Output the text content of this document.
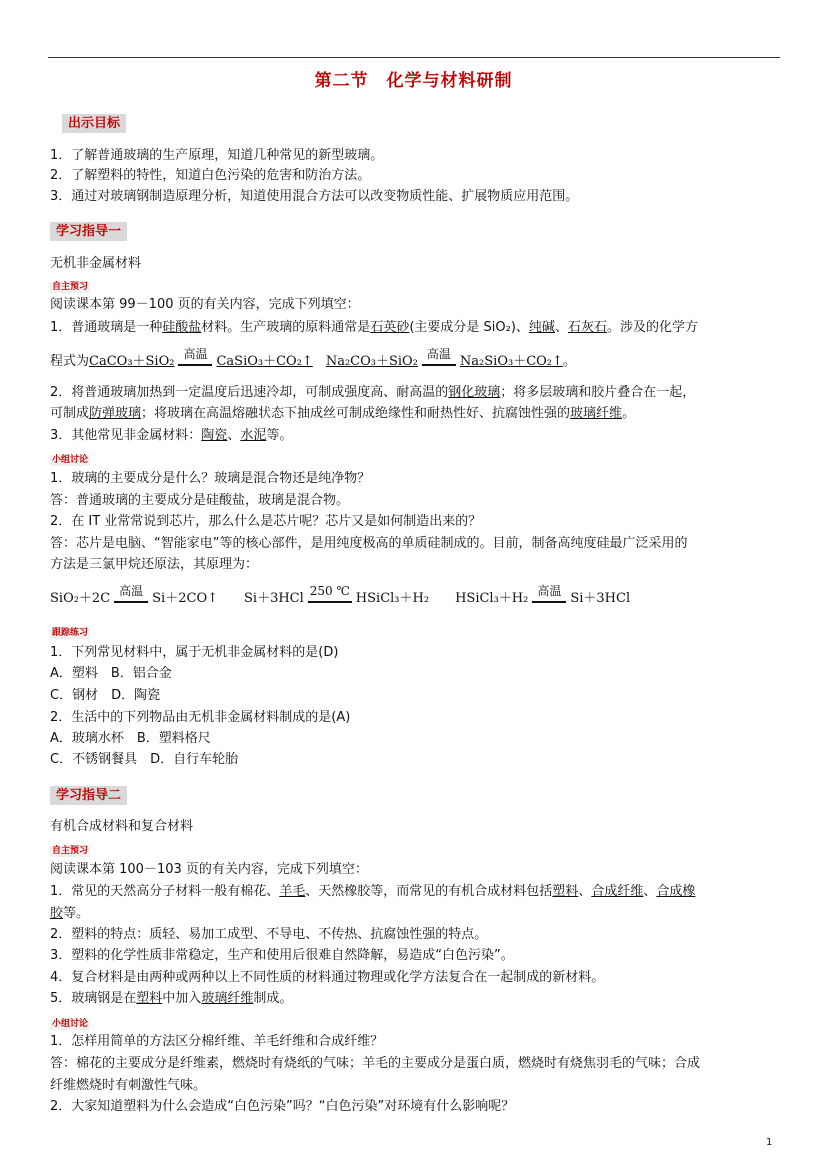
第二节　化学与材料研制
出示目标
1．了解普通玻璃的生产原理，知道几种常见的新型玻璃。
2．了解塑料的特性，知道白色污染的危害和防治方法。
3．通过对玻璃钢制造原理分析，知道使用混合方法可以改变物质性能、扩展物质应用范围。
学习指导一
无机非金属材料
自主预习
阅读课本第 99－100 页的有关内容，完成下列填空：
1．普通玻璃是一种硅酸盐材料。生产玻璃的原料通常是石英砂(主要成分是 SiO₂)、纯碱、石灰石。涉及的化学方
程式为CaCO₃＋SiO₂ 高温 CaSiO₃＋CO₂↑　 Na₂CO₃＋SiO₂ 高温 Na₂SiO₃＋CO₂↑。
2．将普通玻璃加热到一定温度后迅速冷却，可制成强度高、耐高温的钢化玻璃；将多层玻璃和胶片叠合在一起，
可制成防弹玻璃；将玻璃在高温熔融状态下抽成丝可制成绝缘性和耐热性好、抗腐蚀性强的玻璃纤维。
3．其他常见非金属材料：陶瓷、水泥等。
小组讨论
1．玻璃的主要成分是什么？玻璃是混合物还是纯净物？
答：普通玻璃的主要成分是硅酸盐，玻璃是混合物。
2．在 IT 业常常说到芯片，那么什么是芯片呢？芯片又是如何制造出来的？
答：芯片是电脑、“智能家电”等的核心部件，是用纯度极高的单质硅制成的。目前，制备高纯度硅最广泛采用的
方法是三氯甲烷还原法，其原理为：
SiO₂＋2C 高温 Si＋2CO↑　　 Si＋3HCl 250 ℃ HSiCl₃＋H₂　　 HSiCl₃＋H₂ 高温 Si＋3HCl
跟踪练习
1．下列常见材料中，属于无机非金属材料的是(D)
A．塑料　B．铝合金
C．钢材　D．陶瓷
2．生活中的下列物品由无机非金属材料制成的是(A)
A．玻璃水杯　B．塑料格尺
C．不锈钢餐具　D．自行车轮胎
学习指导二
有机合成材料和复合材料
自主预习
阅读课本第 100－103 页的有关内容，完成下列填空：
1．常见的天然高分子材料一般有棉花、羊毛、天然橡胶等，而常见的有机合成材料包括塑料、合成纤维、合成橡
胶等。
2．塑料的特点：质轻、易加工成型、不导电、不传热、抗腐蚀性强的特点。
3．塑料的化学性质非常稳定，生产和使用后很难自然降解，易造成“白色污染”。
4．复合材料是由两种或两种以上不同性质的材料通过物理或化学方法复合在一起制成的新材料。
5．玻璃钢是在塑料中加入玻璃纤维制成。
小组讨论
1．怎样用简单的方法区分棉纤维、羊毛纤维和合成纤维？
答：棉花的主要成分是纤维素，燃烧时有烧纸的气味；羊毛的主要成分是蛋白质，燃烧时有烧焦羽毛的气味；合成
纤维燃烧时有刺激性气味。
2．大家知道塑料为什么会造成“白色污染”吗？“白色污染”对环境有什么影响呢？
1
